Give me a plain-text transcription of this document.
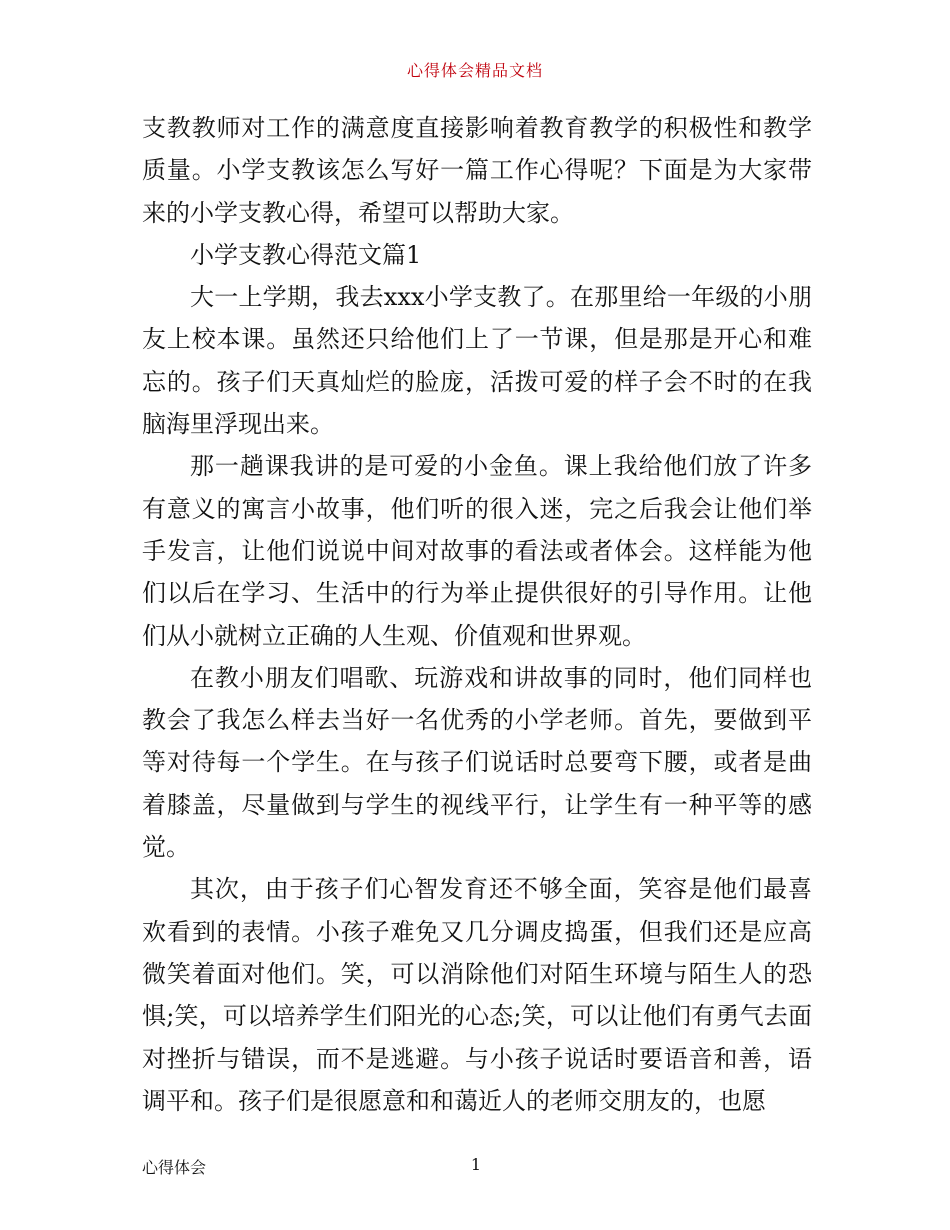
心得体会精品文档

支教教师对工作的满意度直接影响着教育教学的积极性和教学质量。小学支教该怎么写好一篇工作心得呢？下面是为大家带来的小学支教心得，希望可以帮助大家。

小学支教心得范文篇1

大一上学期，我去xxx小学支教了。在那里给一年级的小朋友上校本课。虽然还只给他们上了一节课，但是那是开心和难忘的。孩子们天真灿烂的脸庞，活拨可爱的样子会不时的在我脑海里浮现出来。

那一趟课我讲的是可爱的小金鱼。课上我给他们放了许多有意义的寓言小故事，他们听的很入迷，完之后我会让他们举手发言，让他们说说中间对故事的看法或者体会。这样能为他们以后在学习、生活中的行为举止提供很好的引导作用。让他们从小就树立正确的人生观、价值观和世界观。

在教小朋友们唱歌、玩游戏和讲故事的同时，他们同样也教会了我怎么样去当好一名优秀的小学老师。首先，要做到平等对待每一个学生。在与孩子们说话时总要弯下腰，或者是曲着膝盖，尽量做到与学生的视线平行，让学生有一种平等的感觉。

其次，由于孩子们心智发育还不够全面，笑容是他们最喜欢看到的表情。小孩子难免又几分调皮捣蛋，但我们还是应高微笑着面对他们。笑，可以消除他们对陌生环境与陌生人的恐惧;笑，可以培养学生们阳光的心态;笑，可以让他们有勇气去面对挫折与错误，而不是逃避。与小孩子说话时要语音和善，语调平和。孩子们是很愿意和和蔼近人的老师交朋友的，也愿

心得体会	1
